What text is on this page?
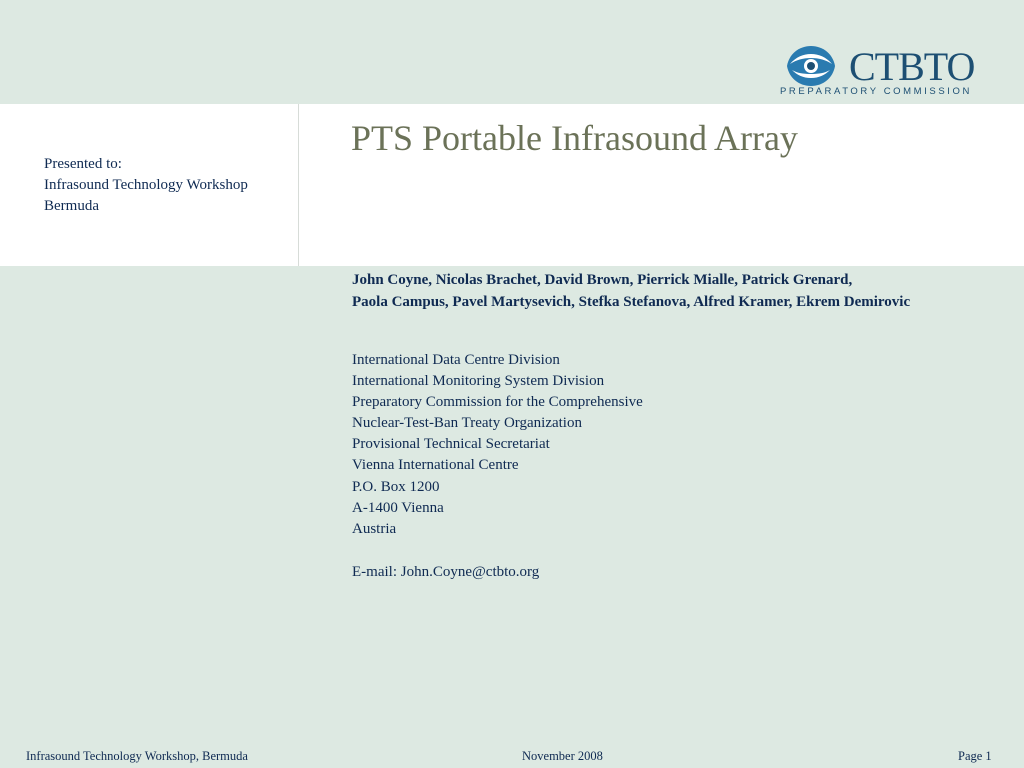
CTBTO
PREPARATORY COMMISSION
Presented to:
Infrasound Technology Workshop
Bermuda
PTS Portable Infrasound Array
John Coyne, Nicolas Brachet, David Brown, Pierrick Mialle, Patrick Grenard,
Paola Campus, Pavel Martysevich, Stefka Stefanova, Alfred Kramer, Ekrem Demirovic
International Data Centre Division
International Monitoring System Division
Preparatory Commission for the Comprehensive
Nuclear-Test-Ban Treaty Organization
Provisional Technical Secretariat
Vienna International Centre
P.O. Box 1200
A-1400 Vienna
Austria
E-mail: John.Coyne@ctbto.org
Infrasound Technology Workshop, Bermuda	November 2008	Page 1
